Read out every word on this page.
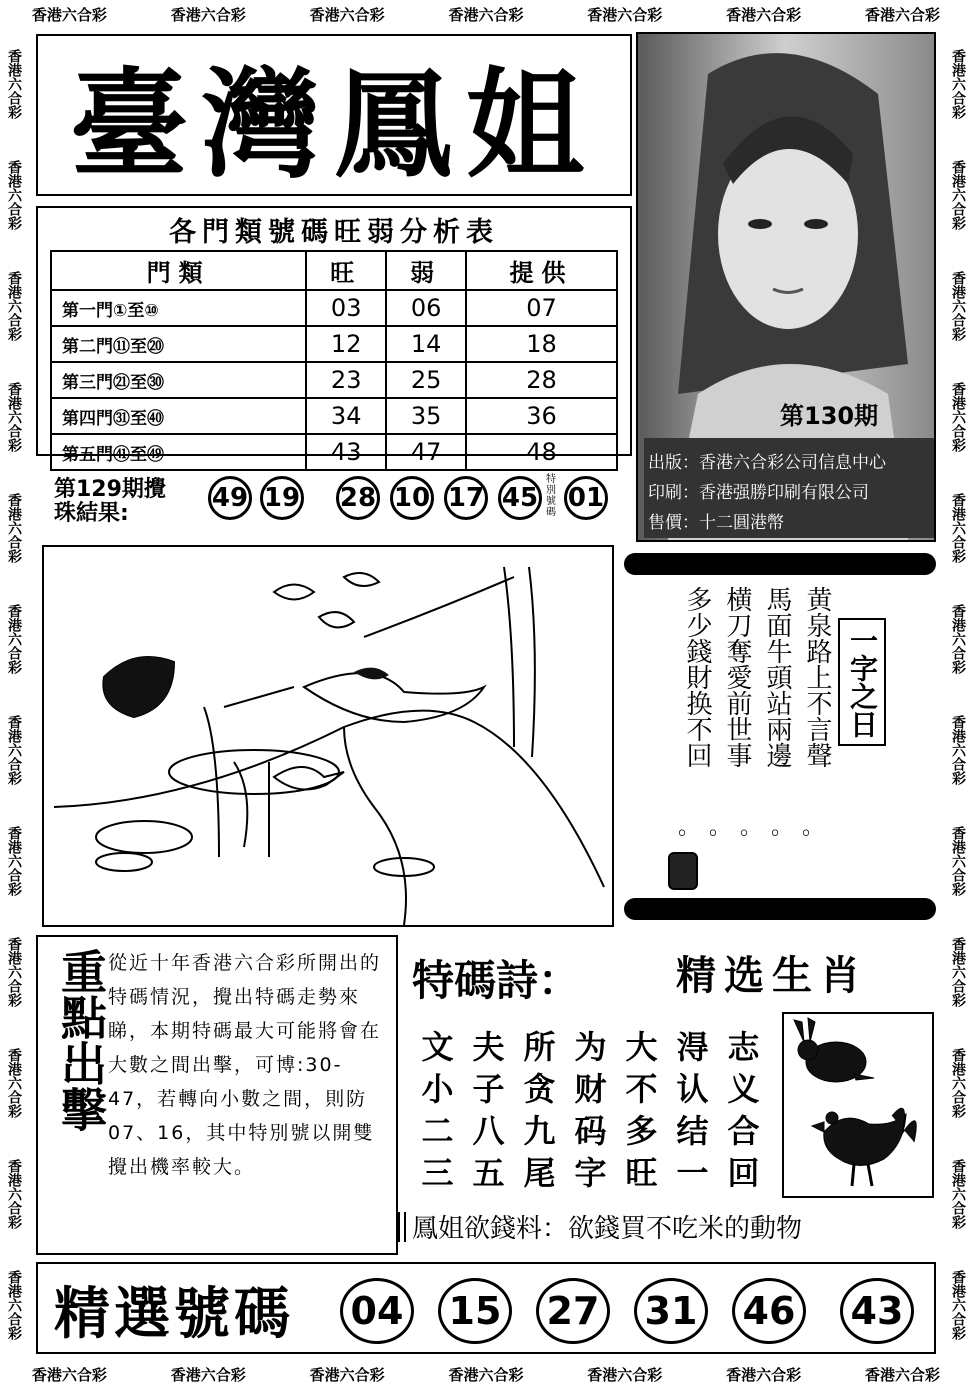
香港六合彩	香港六合彩	香港六合彩	香港六合彩	香港六合彩	香港六合彩	香港六合彩
香港六合彩	香港六合彩	香港六合彩	香港六合彩	香港六合彩	香港六合彩	香港六合彩
香港六合彩
香港六合彩
香港六合彩
香港六合彩
香港六合彩
香港六合彩
香港六合彩
香港六合彩
香港六合彩
香港六合彩
香港六合彩
香港六合彩
香港六合彩
香港六合彩
香港六合彩
香港六合彩
香港六合彩
香港六合彩
香港六合彩
香港六合彩
香港六合彩
香港六合彩
香港六合彩
香港六合彩
臺灣鳳姐
第130期
出版：香港六合彩公司信息中心
印刷：香港强勝印刷有限公司
售價：十二圓港幣
各門類號碼旺弱分析表
門類	旺	弱	提供
第一門①至⑩	03	06	07
第二門⑪至⑳	12	14	18
第三門㉑至㉚	23	25	28
第四門㉛至㊵	34	35	36
第五門㊶至㊾	43	47	48
第129期攪
珠結果:
49 19 28 10 17 45
特別號碼 01
黄泉路上不言聲
馬面牛頭站兩邊
横刀奪愛前世事
多少錢財换不回
。。。。。
一字之日
重點出擊 從近十年香港六合彩所開出的特碼情況，攪出特碼走勢來睇，本期特碼最大可能將會在大數之間出擊，可博:30-47，若轉向小數之間，則防07、16，其中特別號以開雙攪出機率較大。
特碼詩： 精选生肖
文 夫 所 为 大 淂 志
小 子 贪 财 不 认 义
二 八 九 码 多 结 合
三 五 尾 字 旺 一 回
鳳姐欲錢料：欲錢買不吃米的動物
精選號碼 04 15 27 31 46 43
